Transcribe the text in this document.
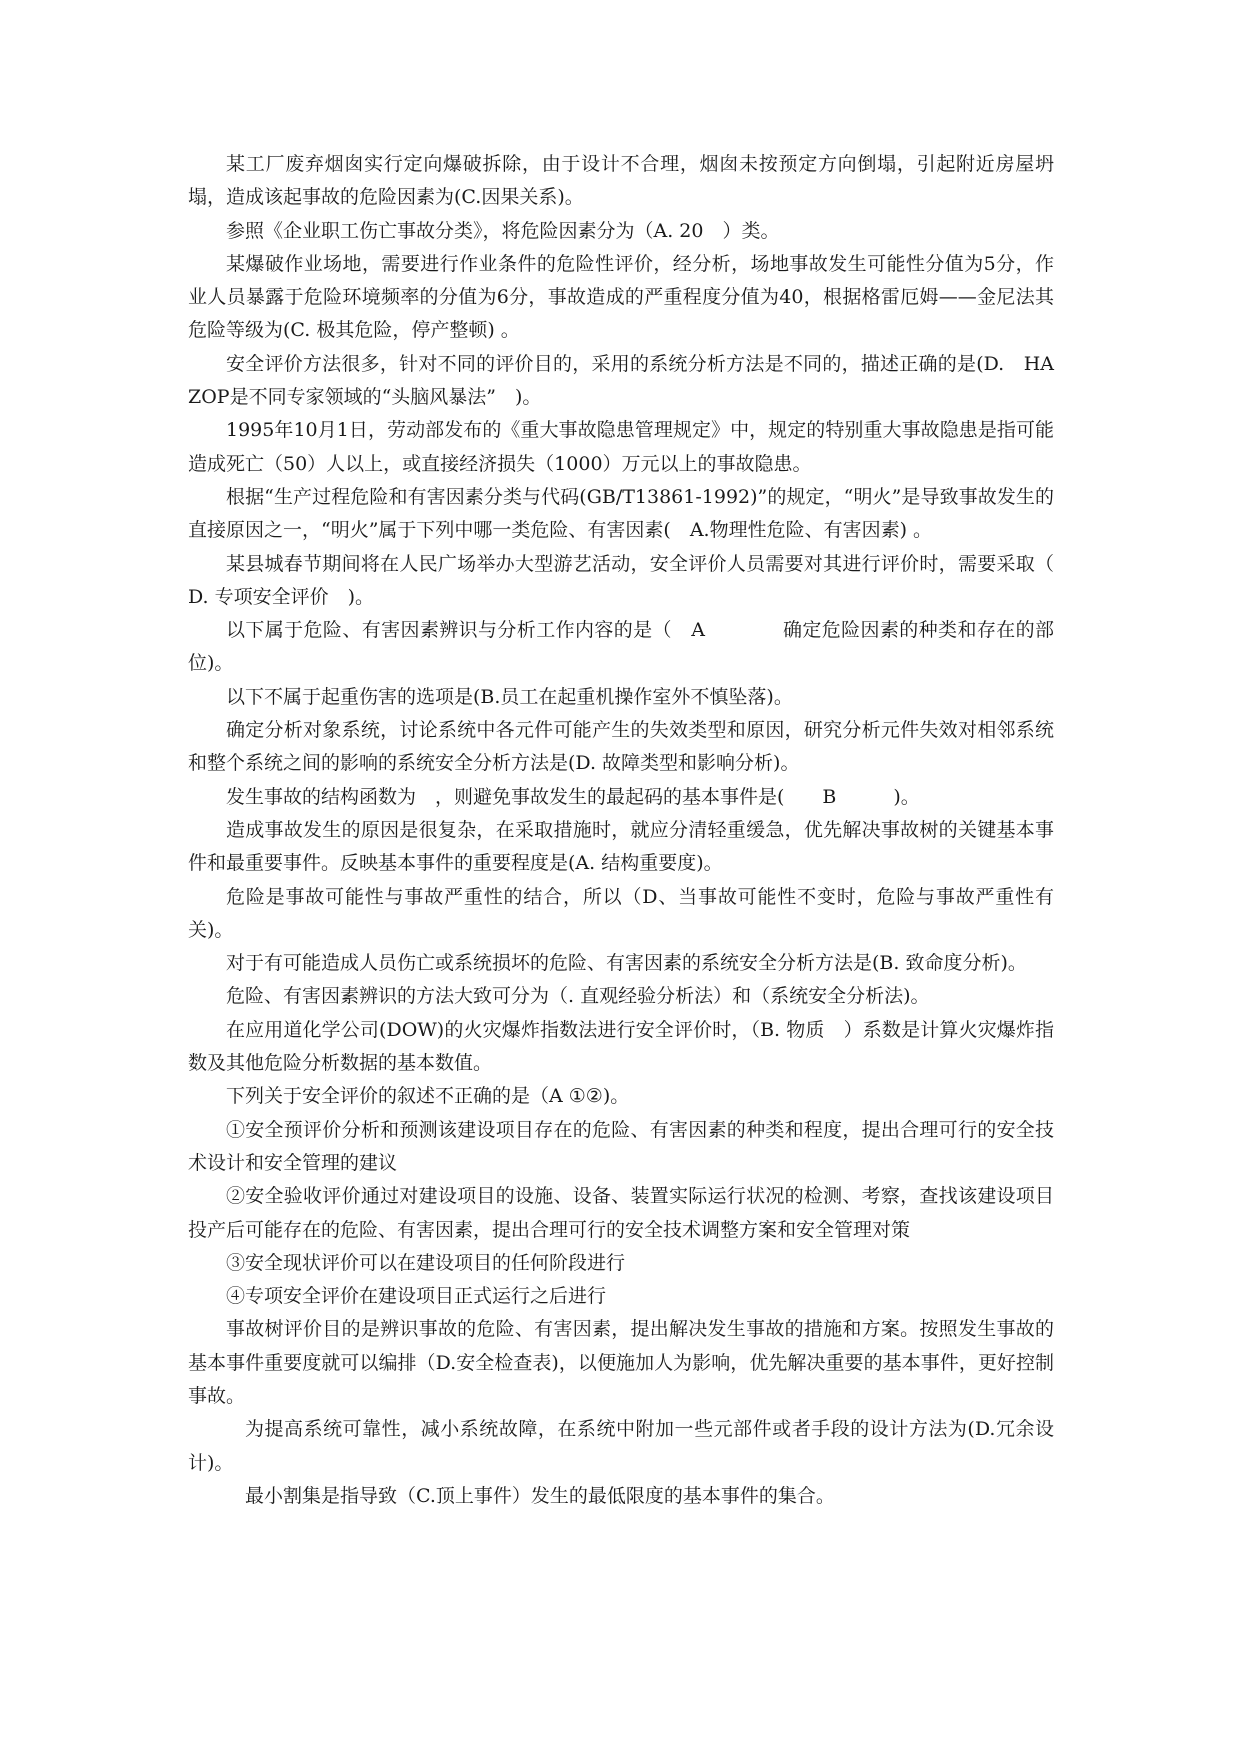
某工厂废弃烟囱实行定向爆破拆除，由于设计不合理，烟囱未按预定方向倒塌，引起附近房屋坍塌，造成该起事故的危险因素为(C.因果关系)。

参照《企业职工伤亡事故分类》，将危险因素分为（A. 20　）类。

某爆破作业场地，需要进行作业条件的危险性评价，经分析，场地事故发生可能性分值为5分，作业人员暴露于危险环境频率的分值为6分，事故造成的严重程度分值为40，根据格雷厄姆——金尼法其危险等级为(C. 极其危险，停产整顿) 。

安全评价方法很多，针对不同的评价目的，采用的系统分析方法是不同的，描述正确的是(D.　HAZOP是不同专家领域的“头脑风暴法”　)。

1995年10月1日，劳动部发布的《重大事故隐患管理规定》中，规定的特别重大事故隐患是指可能造成死亡（50）人以上，或直接经济损失（1000）万元以上的事故隐患。

根据“生产过程危险和有害因素分类与代码(GB/T13861-1992)”的规定，“明火”是导致事故发生的直接原因之一，“明火”属于下列中哪一类危险、有害因素(　A.物理性危险、有害因素) 。

某县城春节期间将在人民广场举办大型游艺活动，安全评价人员需要对其进行评价时，需要采取（　D. 专项安全评价　)。

以下属于危险、有害因素辨识与分析工作内容的是（　A　　　　确定危险因素的种类和存在的部位)。

以下不属于起重伤害的选项是(B.员工在起重机操作室外不慎坠落)。

确定分析对象系统，讨论系统中各元件可能产生的失效类型和原因，研究分析元件失效对相邻系统和整个系统之间的影响的系统安全分析方法是(D. 故障类型和影响分析)。

发生事故的结构函数为　，则避免事故发生的最起码的基本事件是(　　B　　　)。

造成事故发生的原因是很复杂，在采取措施时，就应分清轻重缓急，优先解决事故树的关键基本事件和最重要事件。反映基本事件的重要程度是(A. 结构重要度)。

危险是事故可能性与事故严重性的结合，所以（D、当事故可能性不变时，危险与事故严重性有关)。

对于有可能造成人员伤亡或系统损坏的危险、有害因素的系统安全分析方法是(B. 致命度分析)。

危险、有害因素辨识的方法大致可分为（. 直观经验分析法）和（系统安全分析法)。

在应用道化学公司(DOW)的火灾爆炸指数法进行安全评价时，（B. 物质　）系数是计算火灾爆炸指数及其他危险分析数据的基本数值。

下列关于安全评价的叙述不正确的是（A ①②)。

①安全预评价分析和预测该建设项目存在的危险、有害因素的种类和程度，提出合理可行的安全技术设计和安全管理的建议

②安全验收评价通过对建设项目的设施、设备、装置实际运行状况的检测、考察，查找该建设项目投产后可能存在的危险、有害因素，提出合理可行的安全技术调整方案和安全管理对策

③安全现状评价可以在建设项目的任何阶段进行

④专项安全评价在建设项目正式运行之后进行

事故树评价目的是辨识事故的危险、有害因素，提出解决发生事故的措施和方案。按照发生事故的基本事件重要度就可以编排（D.安全检查表)，以便施加人为影响，优先解决重要的基本事件，更好控制事故。

为提高系统可靠性，减小系统故障，在系统中附加一些元部件或者手段的设计方法为(D.冗余设计)。

最小割集是指导致（C.顶上事件）发生的最低限度的基本事件的集合。
